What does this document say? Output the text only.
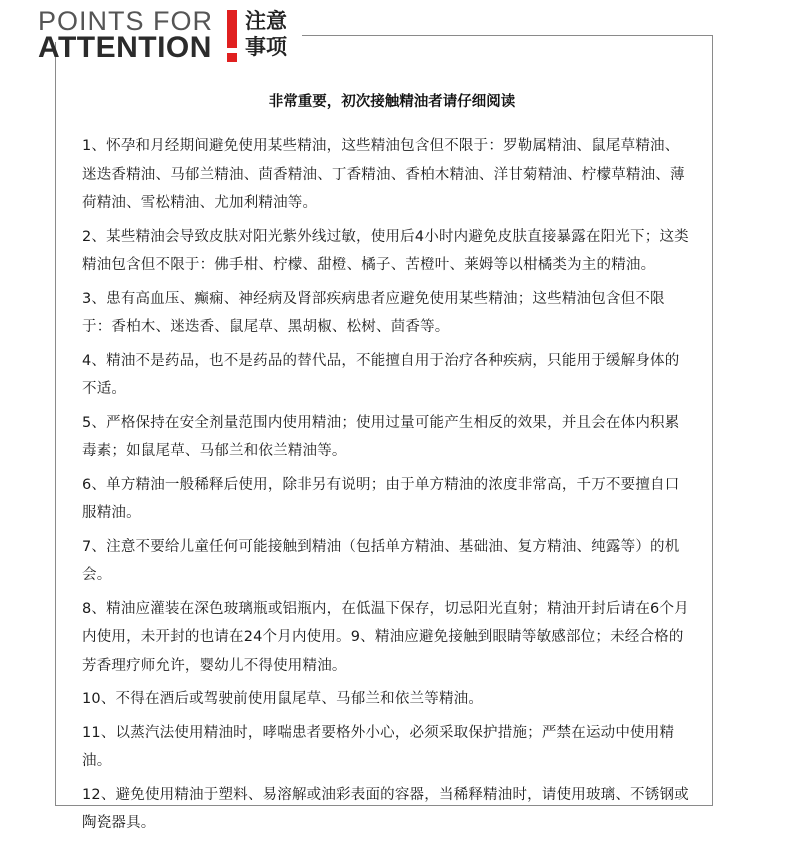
POINTS FOR
ATTENTION
注意
事项
非常重要，初次接触精油者请仔细阅读

1、怀孕和月经期间避免使用某些精油，这些精油包含但不限于：罗勒属精油、鼠尾草精油、迷迭香精油、马郁兰精油、茴香精油、丁香精油、香柏木精油、洋甘菊精油、柠檬草精油、薄荷精油、雪松精油、尤加利精油等。

2、某些精油会导致皮肤对阳光紫外线过敏，使用后4小时内避免皮肤直接暴露在阳光下；这类精油包含但不限于：佛手柑、柠檬、甜橙、橘子、苦橙叶、莱姆等以柑橘类为主的精油。

3、患有高血压、癫痫、神经病及肾部疾病患者应避免使用某些精油；这些精油包含但不限于：香柏木、迷迭香、鼠尾草、黑胡椒、松树、茴香等。

4、精油不是药品，也不是药品的替代品，不能擅自用于治疗各种疾病，只能用于缓解身体的不适。

5、严格保持在安全剂量范围内使用精油；使用过量可能产生相反的效果，并且会在体内积累毒素；如鼠尾草、马郁兰和依兰精油等。

6、单方精油一般稀释后使用，除非另有说明；由于单方精油的浓度非常高，千万不要擅自口服精油。

7、注意不要给儿童任何可能接触到精油（包括单方精油、基础油、复方精油、纯露等）的机会。

8、精油应灌装在深色玻璃瓶或铝瓶内，在低温下保存，切忌阳光直射；精油开封后请在6个月内使用，未开封的也请在24个月内使用。9、精油应避免接触到眼睛等敏感部位；未经合格的芳香理疗师允许，婴幼儿不得使用精油。

10、不得在酒后或驾驶前使用鼠尾草、马郁兰和依兰等精油。

11、以蒸汽法使用精油时，哮喘患者要格外小心，必须采取保护措施；严禁在运动中使用精油。

12、避免使用精油于塑料、易溶解或油彩表面的容器，当稀释精油时，请使用玻璃、不锈钢或陶瓷器具。
